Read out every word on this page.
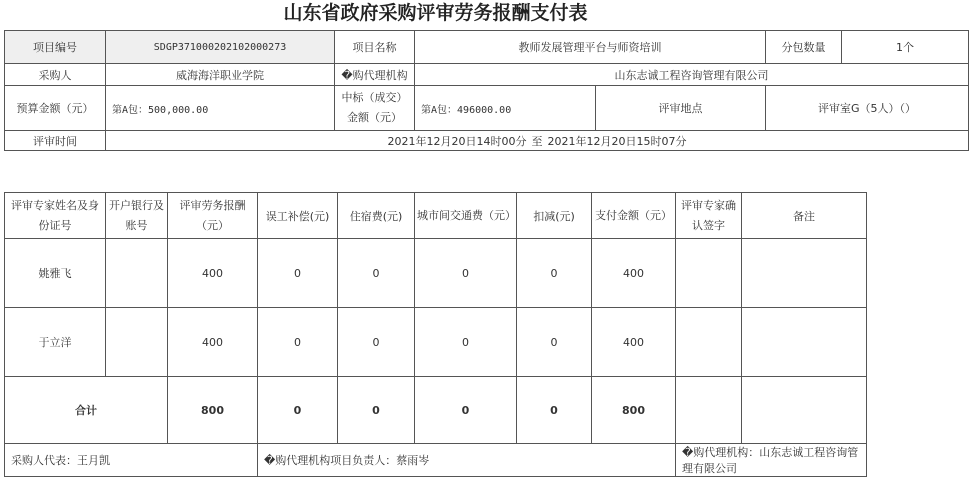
山东省政府采购评审劳务报酬支付表
项目编号	SDGP371000202102000273	项目名称	教师发展管理平台与师资培训		分包数量	1个
采购人	威海海洋职业学院	�购代理机构	山东志诚工程咨询管理有限公司			
预算金额（元）	第A包：500,000.00	中标（成交）金额（元）	第A包：496000.00	评审地点	评审室G（5人）（）	
评审时间	2021年12月20日14时00分 至 2021年12月20日15时07分					
评审专家姓名及身份证号	开户银行及账号	评审劳务报酬（元）	误工补偿(元)	住宿费(元)	城市间交通费（元）	扣减(元)	支付金额（元）	评审专家确认签字	备注
姚雅飞		400	0	0	0	0	400		
于立洋		400	0	0	0	0	400		
合计		800	0	0	0	0	800		
采购人代表：王月凯			�购代理机构项目负责人：蔡雨岑					�购代理机构：山东志诚工程咨询管理有限公司	
